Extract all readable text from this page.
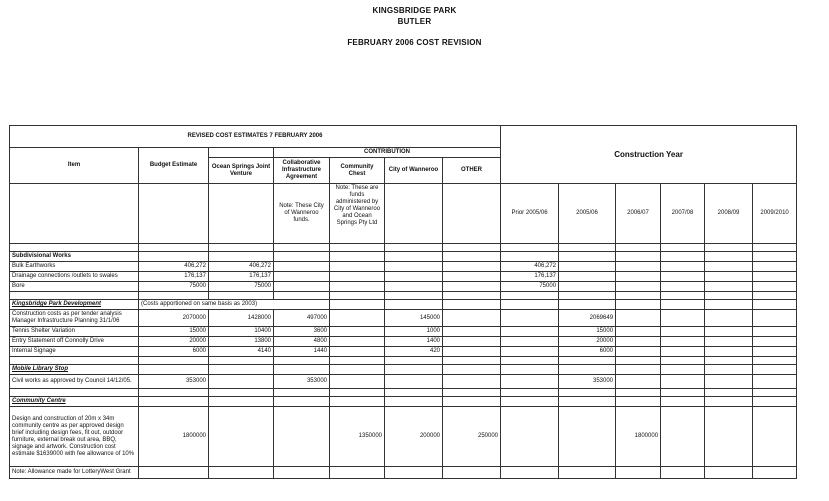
KINGSBRIDGE PARK
BUTLER
FEBRUARY 2006 COST REVISION
REVISED COST ESTIMATES 7 FEBRUARY 2006							Construction Year					
Item	Budget Estimate		CONTRIBUTION									
		Ocean Springs Joint Venture	Collaborative Infrastructure Agreement	Community Chest	City of Wanneroo	OTHER						
			Note: These City of Wanneroo funds.	Note: These are funds administered by City of Wanneroo and Ocean Springs Pty Ltd			Prior 2005/06	2005/06	2006/07	2007/08	2008/09	2009/2010

Subdivisional Works												
Bulk Earthworks	406,272	406,272					406,272					
Drainage connections /outlets to swales	176,137	176,137					176,137					
Bore	75000	75000					75000					

Kingsbridge Park Development	(Costs apportioned on same basis as 2003)											
Construction costs as per tender analysis Manager Infrastructure Planning 31/1/06	2070000	1428000	497000		145000			2069649				
Tennis Shelter Variation	15000	10400	3600		1000			15000				
Entry Statement off Connolly Drive	20000	13800	4800		1400			20000				
Internal Signage	6000	4140	1440		420			6000				

Mobile Library Stop												
Civil works as approved by Council 14/12/05.	353000		353000					353000				

Community Centre												
Design and construction of 20m x 34m community centre as per approved design brief including design fees, fit out, outdoor furniture, external break out area, BBQ, signage and artwork. Construction cost estimate $1639000 with fee allowance of 10%	1800000			1350000	200000	250000			1800000			
Note: Allowance made for LotteryWest Grant												
